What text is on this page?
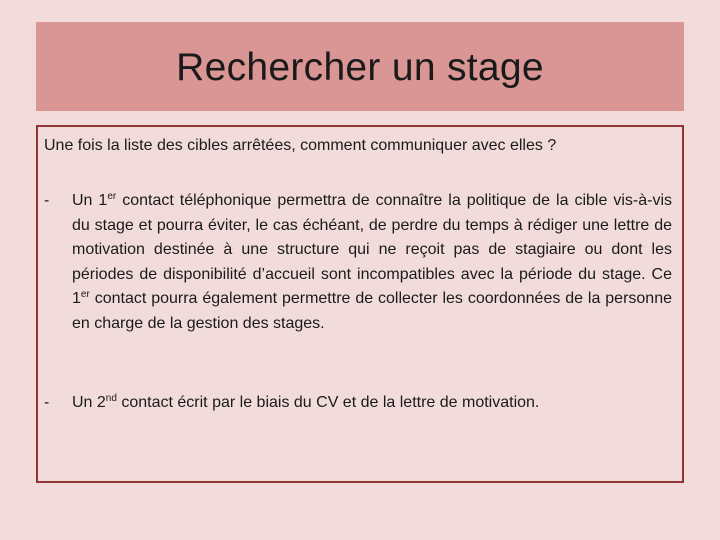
Rechercher un stage

Une fois la liste des cibles arrêtées, comment communiquer avec elles ?

-	Un 1er contact téléphonique permettra de connaître la politique de la cible vis-à-vis du stage et pourra éviter, le cas échéant, de perdre du temps à rédiger une lettre de motivation destinée à une structure qui ne reçoit pas de stagiaire ou dont les périodes de disponibilité d’accueil sont incompatibles avec la période du stage. Ce 1er contact pourra également permettre de collecter les coordonnées de la personne en charge de la gestion des stages.

-	Un 2nd contact écrit par le biais du CV et de la lettre de motivation.
